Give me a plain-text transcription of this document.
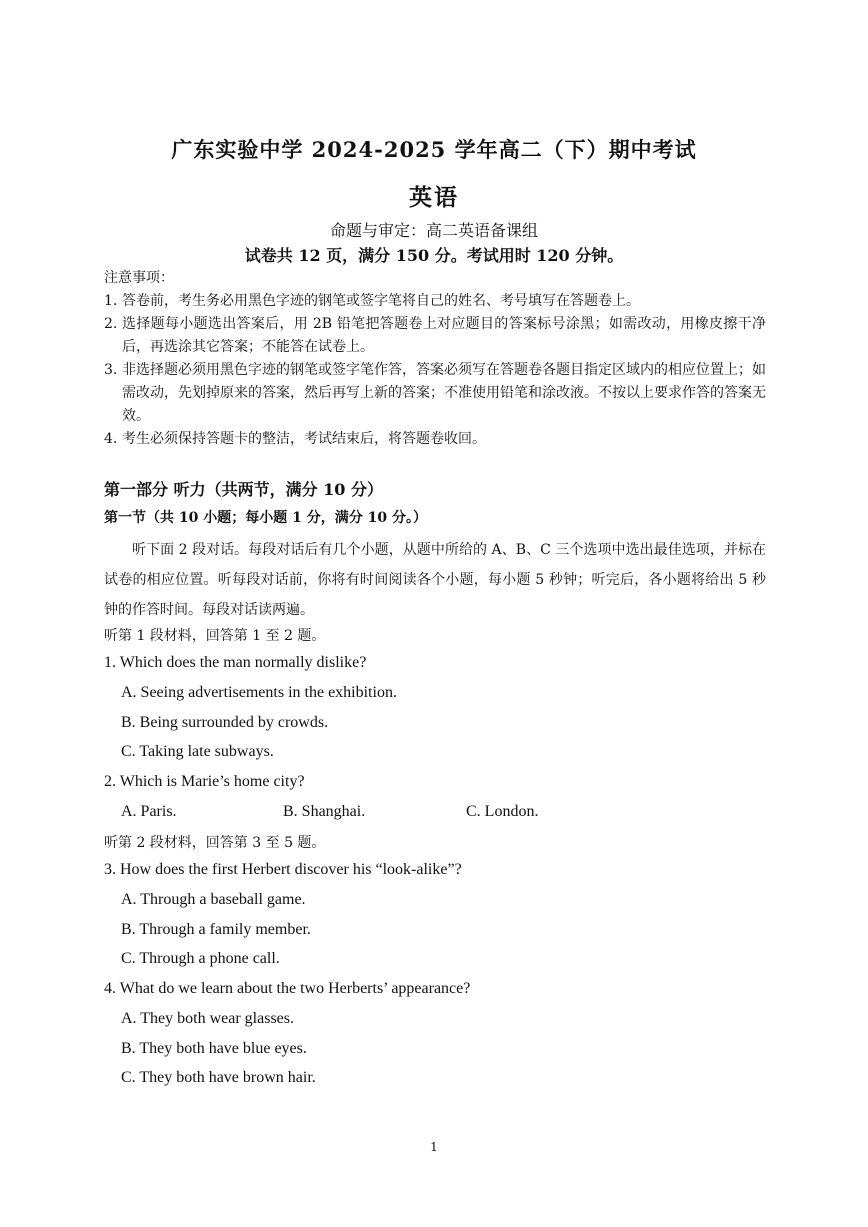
广东实验中学 2024-2025 学年高二（下）期中考试
英语
命题与审定：高二英语备课组
试卷共 12 页，满分 150 分。考试用时 120 分钟。
注意事项：
1. 答卷前，考生务必用黑色字迹的钢笔或签字笔将自己的姓名、考号填写在答题卷上。
2. 选择题每小题选出答案后，用 2B 铅笔把答题卷上对应题目的答案标号涂黑；如需改动，用橡皮擦干净后，再选涂其它答案；不能答在试卷上。
3. 非选择题必须用黑色字迹的钢笔或签字笔作答，答案必须写在答题卷各题目指定区域内的相应位置上；如需改动，先划掉原来的答案，然后再写上新的答案；不准使用铅笔和涂改液。不按以上要求作答的答案无效。
4. 考生必须保持答题卡的整洁，考试结束后，将答题卷收回。
第一部分 听力（共两节，满分 10 分）
第一节（共 10 小题；每小题 1 分，满分 10 分。）
听下面 2 段对话。每段对话后有几个小题，从题中所给的 A、B、C 三个选项中选出最佳选项，并标在试卷的相应位置。听每段对话前，你将有时间阅读各个小题，每小题 5 秒钟；听完后，各小题将给出 5 秒钟的作答时间。每段对话读两遍。
听第 1 段材料，回答第 1 至 2 题。
1. Which does the man normally dislike?
A. Seeing advertisements in the exhibition.
B. Being surrounded by crowds.
C. Taking late subways.
2. Which is Marie’s home city?
A. Paris.	B. Shanghai.	C. London.
听第 2 段材料，回答第 3 至 5 题。
3. How does the first Herbert discover his “look-alike”?
A. Through a baseball game.
B. Through a family member.
C. Through a phone call.
4. What do we learn about the two Herberts’ appearance?
A. They both wear glasses.
B. They both have blue eyes.
C. They both have brown hair.
1
